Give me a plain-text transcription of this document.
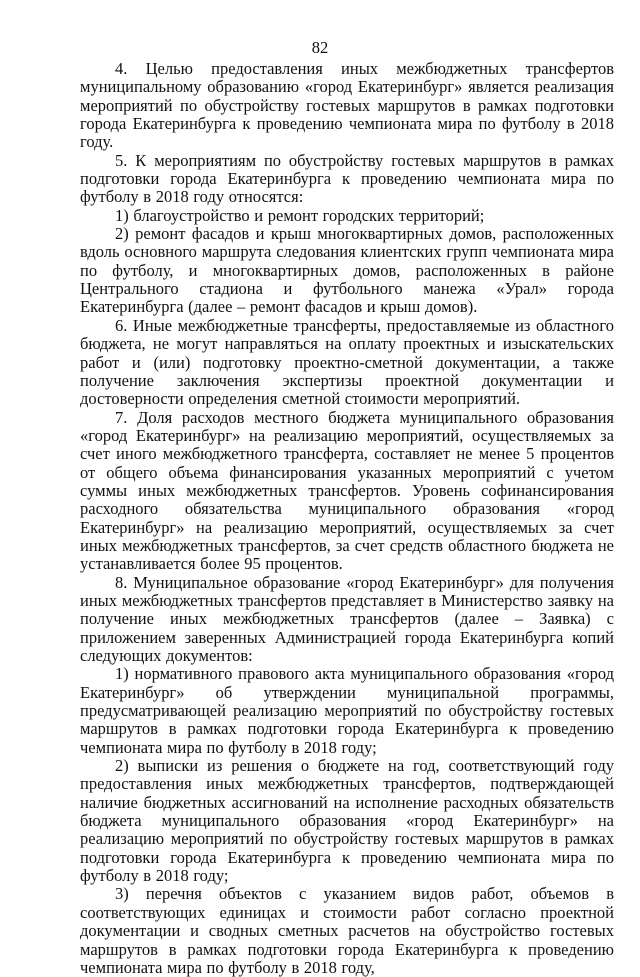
82

4. Целью предоставления иных межбюджетных трансфертов муниципальному образованию «город Екатеринбург» является реализация мероприятий по обустройству гостевых маршрутов в рамках подготовки города Екатеринбурга к проведению чемпионата мира по футболу в 2018 году.

5. К мероприятиям по обустройству гостевых маршрутов в рамках подготовки города Екатеринбурга к проведению чемпионата мира по футболу в 2018 году относятся:

1) благоустройство и ремонт городских территорий;

2) ремонт фасадов и крыш многоквартирных домов, расположенных вдоль основного маршрута следования клиентских групп чемпионата мира по футболу, и многоквартирных домов, расположенных в районе Центрального стадиона и футбольного манежа «Урал» города Екатеринбурга (далее – ремонт фасадов и крыш домов).

6. Иные межбюджетные трансферты, предоставляемые из областного бюджета, не могут направляться на оплату проектных и изыскательских работ и (или) подготовку проектно-сметной документации, а также получение заключения экспертизы проектной документации и достоверности определения сметной стоимости мероприятий.

7. Доля расходов местного бюджета муниципального образования «город Екатеринбург» на реализацию мероприятий, осуществляемых за счет иного межбюджетного трансферта, составляет не менее 5 процентов от общего объема финансирования указанных мероприятий с учетом суммы иных межбюджетных трансфертов. Уровень софинансирования расходного обязательства муниципального образования «город Екатеринбург» на реализацию мероприятий, осуществляемых за счет иных межбюджетных трансфертов, за счет средств областного бюджета не устанавливается более 95 процентов.

8. Муниципальное образование «город Екатеринбург» для получения иных межбюджетных трансфертов представляет в Министерство заявку на получение иных межбюджетных трансфертов (далее – Заявка) с приложением заверенных Администрацией города Екатеринбурга копий следующих документов:

1) нормативного правового акта муниципального образования «город Екатеринбург» об утверждении муниципальной программы, предусматривающей реализацию мероприятий по обустройству гостевых маршрутов в рамках подготовки города Екатеринбурга к проведению чемпионата мира по футболу в 2018 году;

2) выписки из решения о бюджете на год, соответствующий году предоставления иных межбюджетных трансфертов, подтверждающей наличие бюджетных ассигнований на исполнение расходных обязательств бюджета муниципального образования «город Екатеринбург» на реализацию мероприятий по обустройству гостевых маршрутов в рамках подготовки города Екатеринбурга к проведению чемпионата мира по футболу в 2018 году;

3) перечня объектов с указанием видов работ, объемов в соответствующих единицах и стоимости работ согласно проектной документации и сводных сметных расчетов на обустройство гостевых маршрутов в рамках подготовки города Екатеринбурга к проведению чемпионата мира по футболу в 2018 году,
